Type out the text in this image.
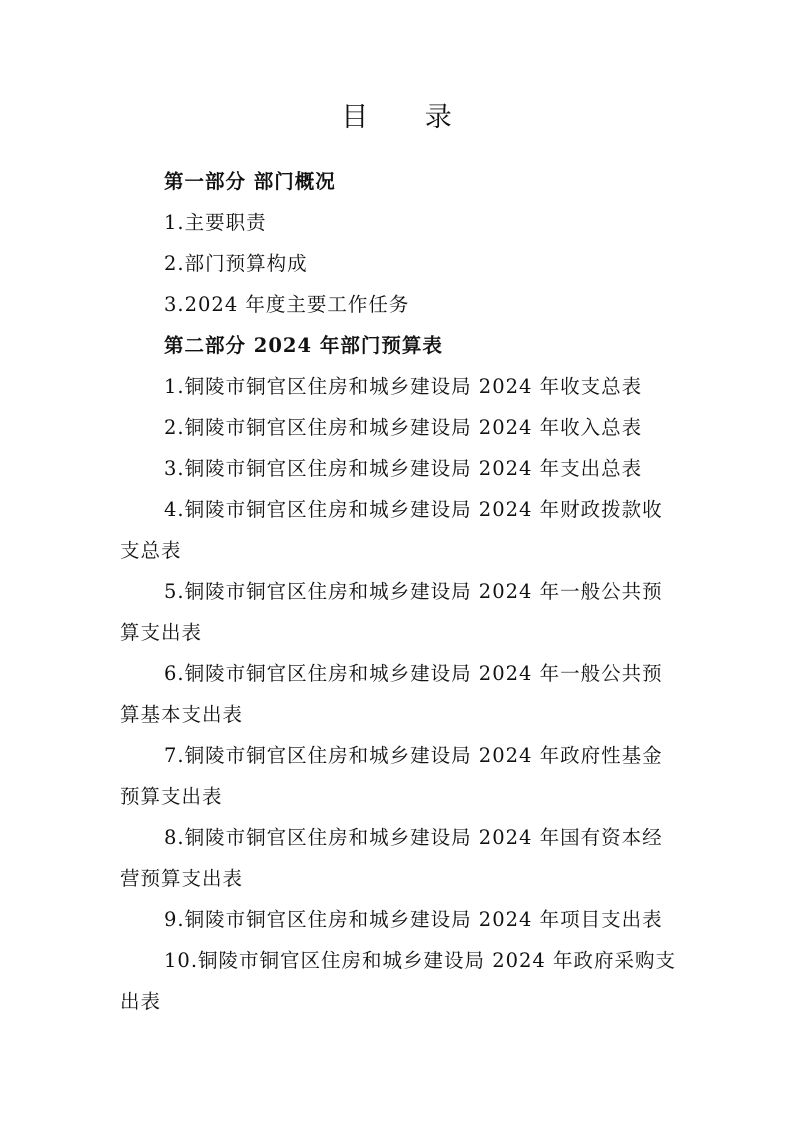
目 录
第一部分 部门概况
1.主要职责
2.部门预算构成
3.2024 年度主要工作任务
第二部分 2024 年部门预算表
1.铜陵市铜官区住房和城乡建设局 2024 年收支总表
2.铜陵市铜官区住房和城乡建设局 2024 年收入总表
3.铜陵市铜官区住房和城乡建设局 2024 年支出总表
4.铜陵市铜官区住房和城乡建设局 2024 年财政拨款收
支总表
5.铜陵市铜官区住房和城乡建设局 2024 年一般公共预
算支出表
6.铜陵市铜官区住房和城乡建设局 2024 年一般公共预
算基本支出表
7.铜陵市铜官区住房和城乡建设局 2024 年政府性基金
预算支出表
8.铜陵市铜官区住房和城乡建设局 2024 年国有资本经
营预算支出表
9.铜陵市铜官区住房和城乡建设局 2024 年项目支出表
10.铜陵市铜官区住房和城乡建设局 2024 年政府采购支
出表
